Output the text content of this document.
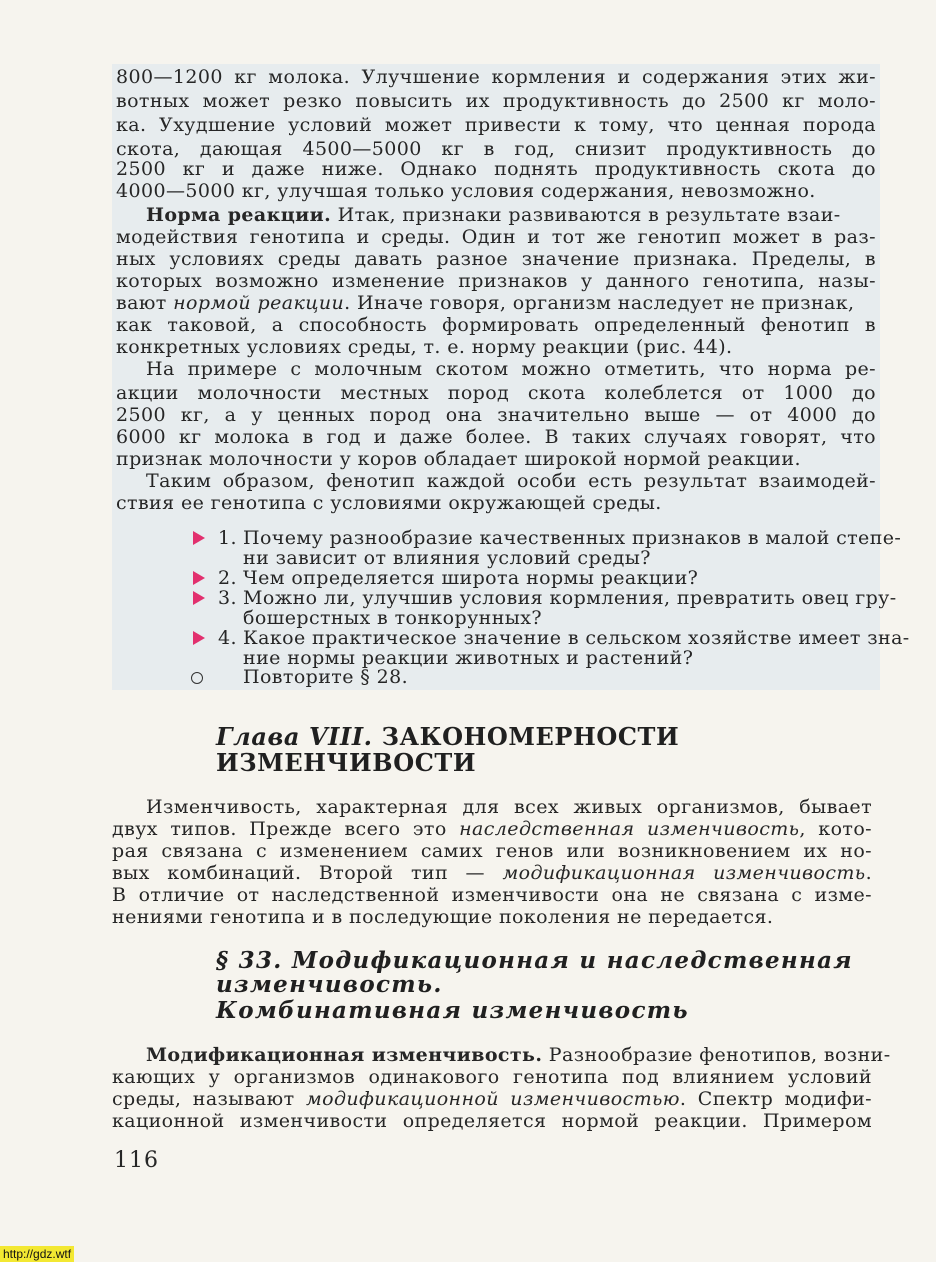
800—1200 кг молока. Улучшение кормления и содержания этих жи-
вотных может резко повысить их продуктивность до 2500 кг моло-
ка. Ухудшение условий может привести к тому, что ценная порода
скота, дающая 4500—5000 кг в год, снизит продуктивность до
2500 кг и даже ниже. Однако поднять продуктивность скота до
4000—5000 кг, улучшая только условия содержания, невозможно.
Норма реакции. Итак, признаки развиваются в результате взаи-
модействия генотипа и среды. Один и тот же генотип может в раз-
ных условиях среды давать разное значение признака. Пределы, в
которых возможно изменение признаков у данного генотипа, назы-
вают нормой реакции. Иначе говоря, организм наследует не признак,
как таковой, а способность формировать определенный фенотип в
конкретных условиях среды, т. е. норму реакции (рис. 44).
На примере с молочным скотом можно отметить, что норма ре-
акции молочности местных пород скота колеблется от 1000 до
2500 кг, а у ценных пород она значительно выше — от 4000 до
6000 кг молока в год и даже более. В таких случаях говорят, что
признак молочности у коров обладает широкой нормой реакции.
Таким образом, фенотип каждой особи есть результат взаимодей-
ствия ее генотипа с условиями окружающей среды.
1. Почему разнообразие качественных признаков в малой степе-
ни зависит от влияния условий среды?
2. Чем определяется широта нормы реакции?
3. Можно ли, улучшив условия кормления, превратить овец гру-
бошерстных в тонкорунных?
4. Какое практическое значение в сельском хозяйстве имеет зна-
ние нормы реакции животных и растений?
Повторите § 28.
Глава VIII. ЗАКОНОМЕРНОСТИ
ИЗМЕНЧИВОСТИ
Изменчивость, характерная для всех живых организмов, бывает
двух типов. Прежде всего это наследственная изменчивость, кото-
рая связана с изменением самих генов или возникновением их но-
вых комбинаций. Второй тип — модификационная изменчивость.
В отличие от наследственной изменчивости она не связана с изме-
нениями генотипа и в последующие поколения не передается.
§ 33. Модификационная и наследственная
изменчивость.
Комбинативная изменчивость
Модификационная изменчивость. Разнообразие фенотипов, возни-
кающих у организмов одинакового генотипа под влиянием условий
среды, называют модификационной изменчивостью. Спектр модифи-
кационной изменчивости определяется нормой реакции. Примером
116
http://gdz.wtf
